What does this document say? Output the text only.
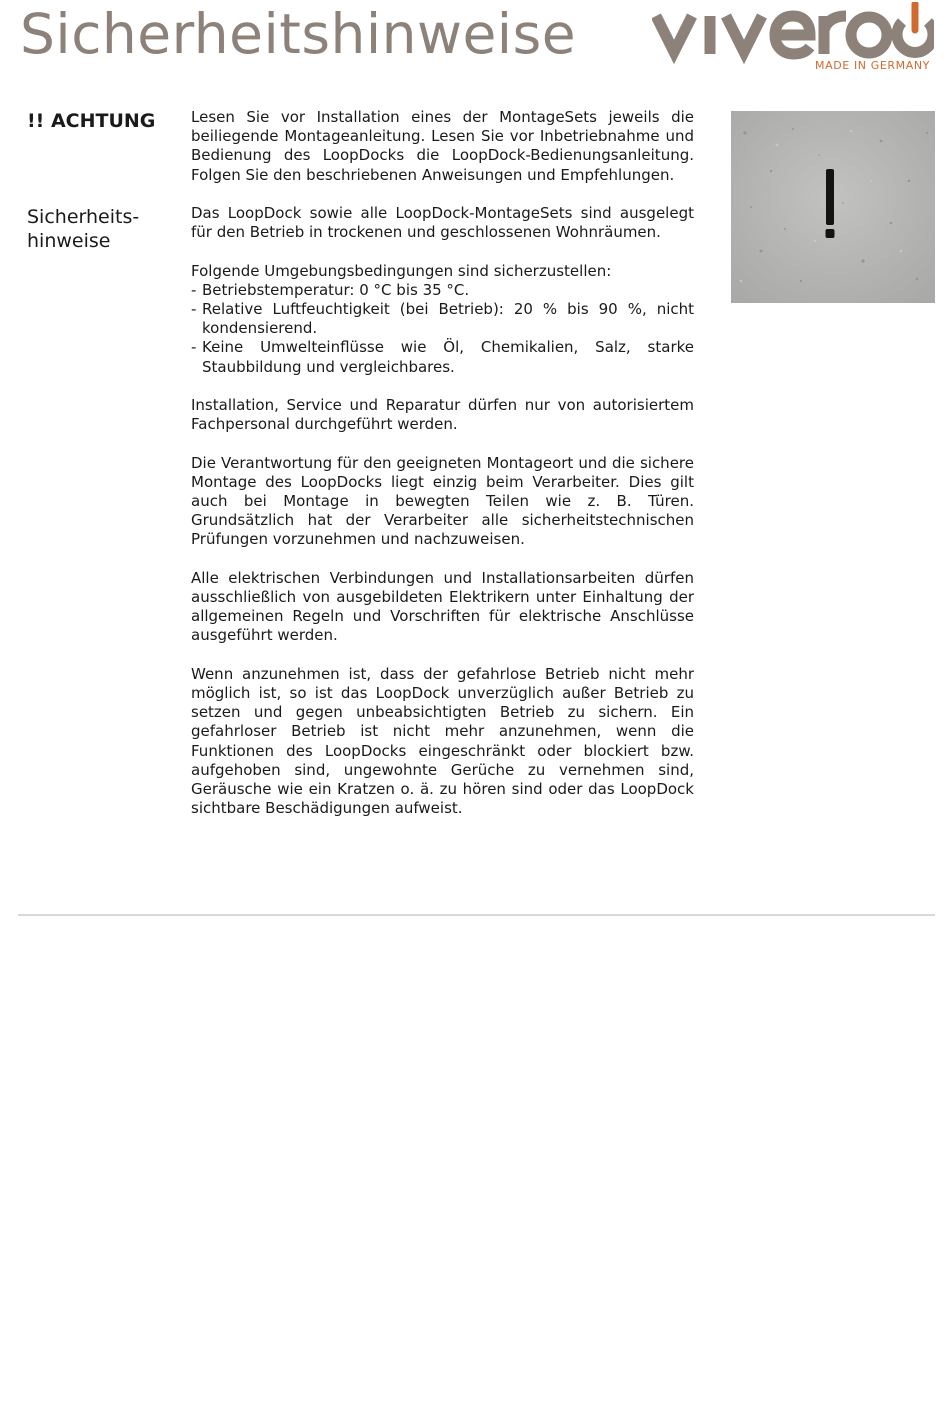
Sicherheitshinweise	MADE IN GERMANY
!! ACHTUNG
Sicherheits-
hinweise

Lesen Sie vor Installation eines der MontageSets jeweils die beiliegende Montageanleitung. Lesen Sie vor Inbetriebnahme und Bedienung des LoopDocks die LoopDock-Bedienungsanleitung. Folgen Sie den beschriebenen Anweisungen und Empfehlungen.

Das LoopDock sowie alle LoopDock-MontageSets sind ausgelegt für den Betrieb in trockenen und geschlossenen Wohnräumen.

Folgende Umgebungsbedingungen sind sicherzustellen:
- Betriebstemperatur: 0 °C bis 35 °C.
- Relative Luftfeuchtigkeit (bei Betrieb): 20 % bis 90 %, nicht kondensierend.
- Keine Umwelteinflüsse wie Öl, Chemikalien, Salz, starke Staubbildung und vergleichbares.

Installation, Service und Reparatur dürfen nur von autorisiertem Fachpersonal durchgeführt werden.

Die Verantwortung für den geeigneten Montageort und die sichere Montage des LoopDocks liegt einzig beim Verarbeiter. Dies gilt auch bei Montage in bewegten Teilen wie z. B. Türen. Grundsätzlich hat der Verarbeiter alle sicherheitstechnischen Prüfungen vorzunehmen und nachzuweisen.

Alle elektrischen Verbindungen und Installationsarbeiten dürfen ausschließlich von ausgebildeten Elektrikern unter Einhaltung der allgemeinen Regeln und Vorschriften für elektrische Anschlüsse ausgeführt werden.

Wenn anzunehmen ist, dass der gefahrlose Betrieb nicht mehr möglich ist, so ist das LoopDock unverzüglich außer Betrieb zu setzen und gegen unbeabsichtigten Betrieb zu sichern. Ein gefahrloser Betrieb ist nicht mehr anzunehmen, wenn die Funktionen des LoopDocks eingeschränkt oder blockiert bzw. aufgehoben sind, ungewohnte Gerüche zu vernehmen sind, Geräusche wie ein Kratzen o. ä. zu hören sind oder das LoopDock sichtbare Beschädigungen aufweist.
